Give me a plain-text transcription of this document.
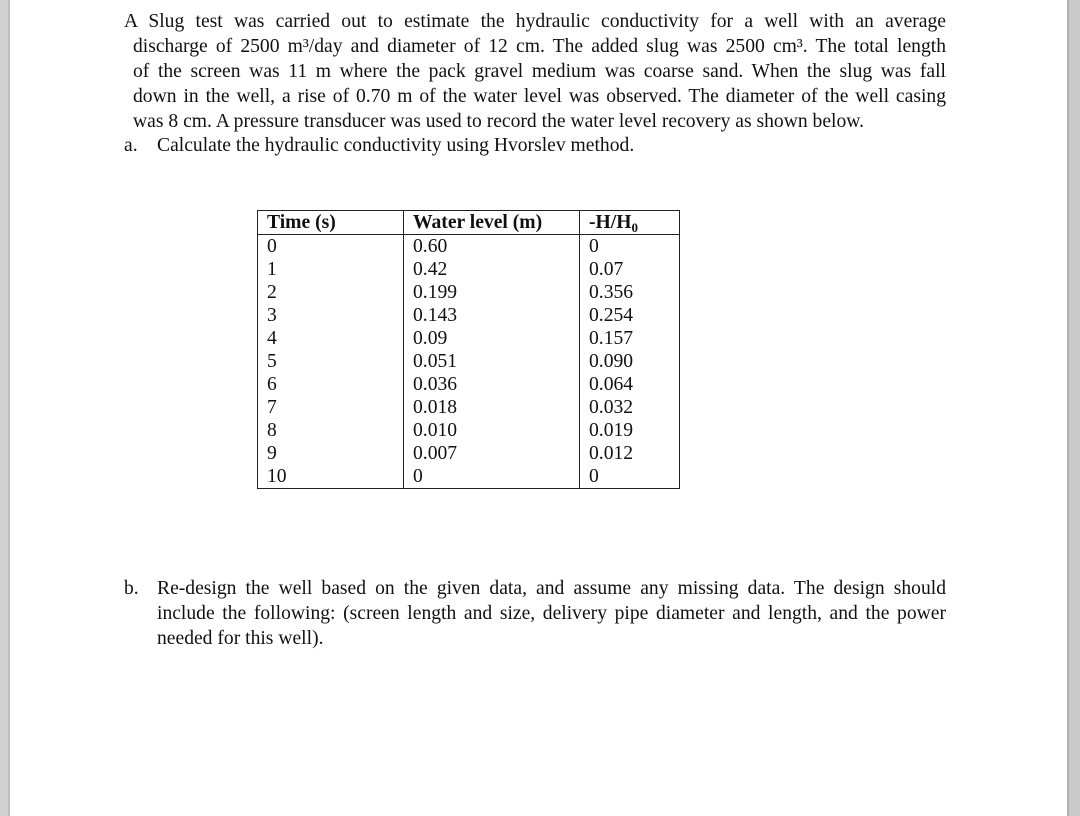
A Slug test was carried out to estimate the hydraulic conductivity for a well with an average
discharge of 2500 m³/day and diameter of 12 cm. The added slug was 2500 cm³. The total length
of the screen was 11 m where the pack gravel medium was coarse sand. When the slug was fall
down in the well, a rise of 0.70 m of the water level was observed. The diameter of the well casing
was 8 cm. A pressure transducer was used to record the water level recovery as shown below.
a. Calculate the hydraulic conductivity using Hvorslev method.
Time (s)	Water level (m)	$-H/H_0$
0	0.60	0
1	0.42	0.07
2	0.199	0.356
3	0.143	0.254
4	0.09	0.157
5	0.051	0.090
6	0.036	0.064
7	0.018	0.032
8	0.010	0.019
9	0.007	0.012
10	0	0
b. Re-design the well based on the given data, and assume any missing data. The design should
include the following: (screen length and size, delivery pipe diameter and length, and the power
needed for this well).
